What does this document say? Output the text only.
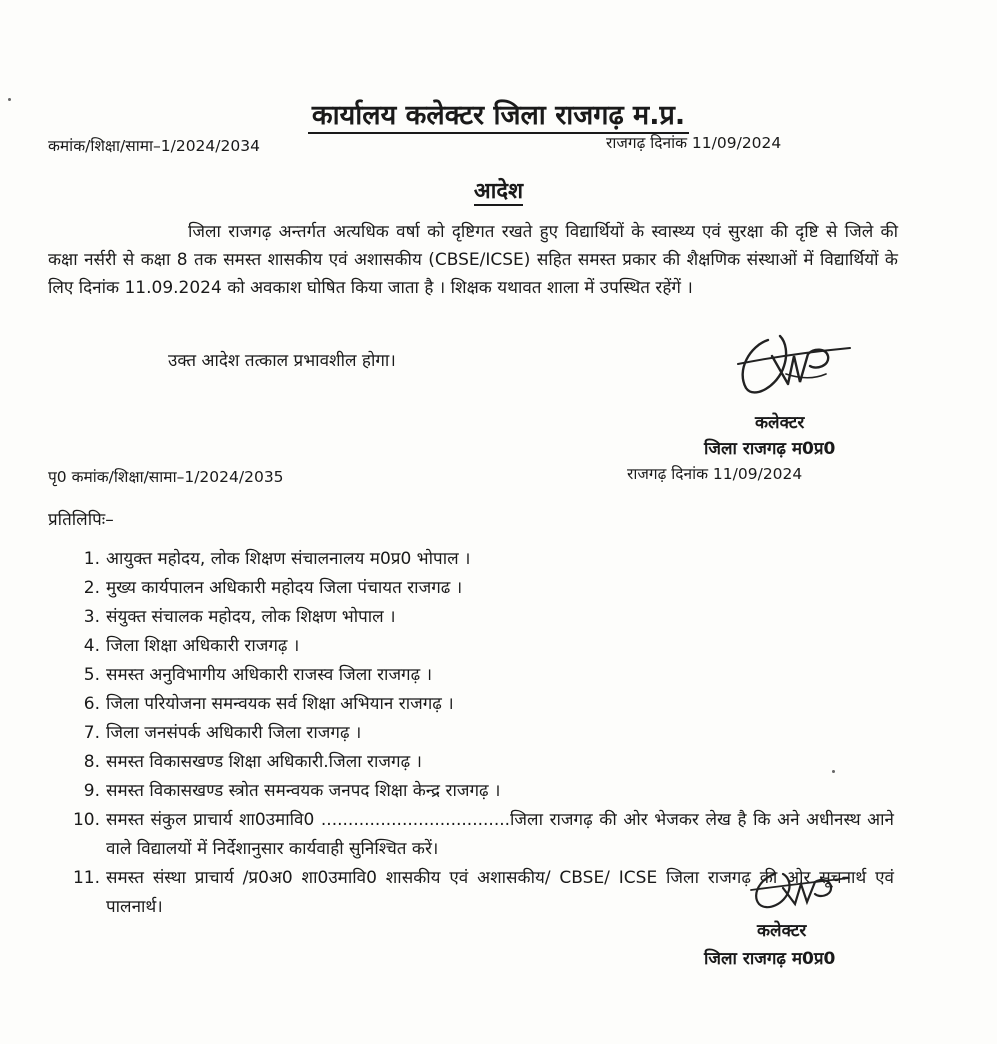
कार्यालय कलेक्टर जिला राजगढ़ म.प्र.
कमांक/शिक्षा/सामा–1/2024/2034	राजगढ़ दिनांक 11/09/2024
आदेश
जिला राजगढ़ अन्तर्गत अत्यधिक वर्षा को दृष्टिगत रखते हुए विद्यार्थियों के स्वास्थ्य एवं सुरक्षा की दृष्टि से जिले की कक्षा नर्सरी से कक्षा 8 तक समस्त शासकीय एवं अशासकीय (CBSE/ICSE) सहित समस्त प्रकार की शैक्षणिक संस्थाओं में विद्यार्थियों के लिए दिनांक 11.09.2024 को अवकाश घोषित किया जाता है । शिक्षक यथावत शाला में उपस्थित रहेंगें ।
उक्त आदेश तत्काल प्रभावशील होगा।
कलेक्टर
जिला राजगढ़ म0प्र0
पृ0 कमांक/शिक्षा/सामा–1/2024/2035	राजगढ़ दिनांक 11/09/2024
प्रतिलिपिः–
1. आयुक्त महोदय, लोक शिक्षण संचालनालय म0प्र0 भोपाल ।
2. मुख्य कार्यपालन अधिकारी महोदय जिला पंचायत राजगढ ।
3. संयुक्त संचालक महोदय, लोक शिक्षण भोपाल ।
4. जिला शिक्षा अधिकारी राजगढ़ ।
5. समस्त अनुविभागीय अधिकारी राजस्व जिला राजगढ़ ।
6. जिला परियोजना समन्वयक सर्व शिक्षा अभियान राजगढ़ ।
7. जिला जनसंपर्क अधिकारी जिला राजगढ़ ।
8. समस्त विकासखण्ड शिक्षा अधिकारी.जिला राजगढ़ ।
9. समस्त विकासखण्ड स्त्रोत समन्वयक जनपद शिक्षा केन्द्र राजगढ़ ।
10. समस्त संकुल प्राचार्य शा0उमावि0 ...................................जिला राजगढ़ की ओर भेजकर लेख है कि अने अधीनस्थ आने वाले विद्यालयों में निर्देशानुसार कार्यवाही सुनिश्चित करें।
11. समस्त संस्था प्राचार्य /प्र0अ0 शा0उमावि0 शासकीय एवं अशासकीय/ CBSE/ ICSE जिला राजगढ़ की ओर सूचनार्थ एवं पालनार्थ।
कलेक्टर
जिला राजगढ़ म0प्र0
